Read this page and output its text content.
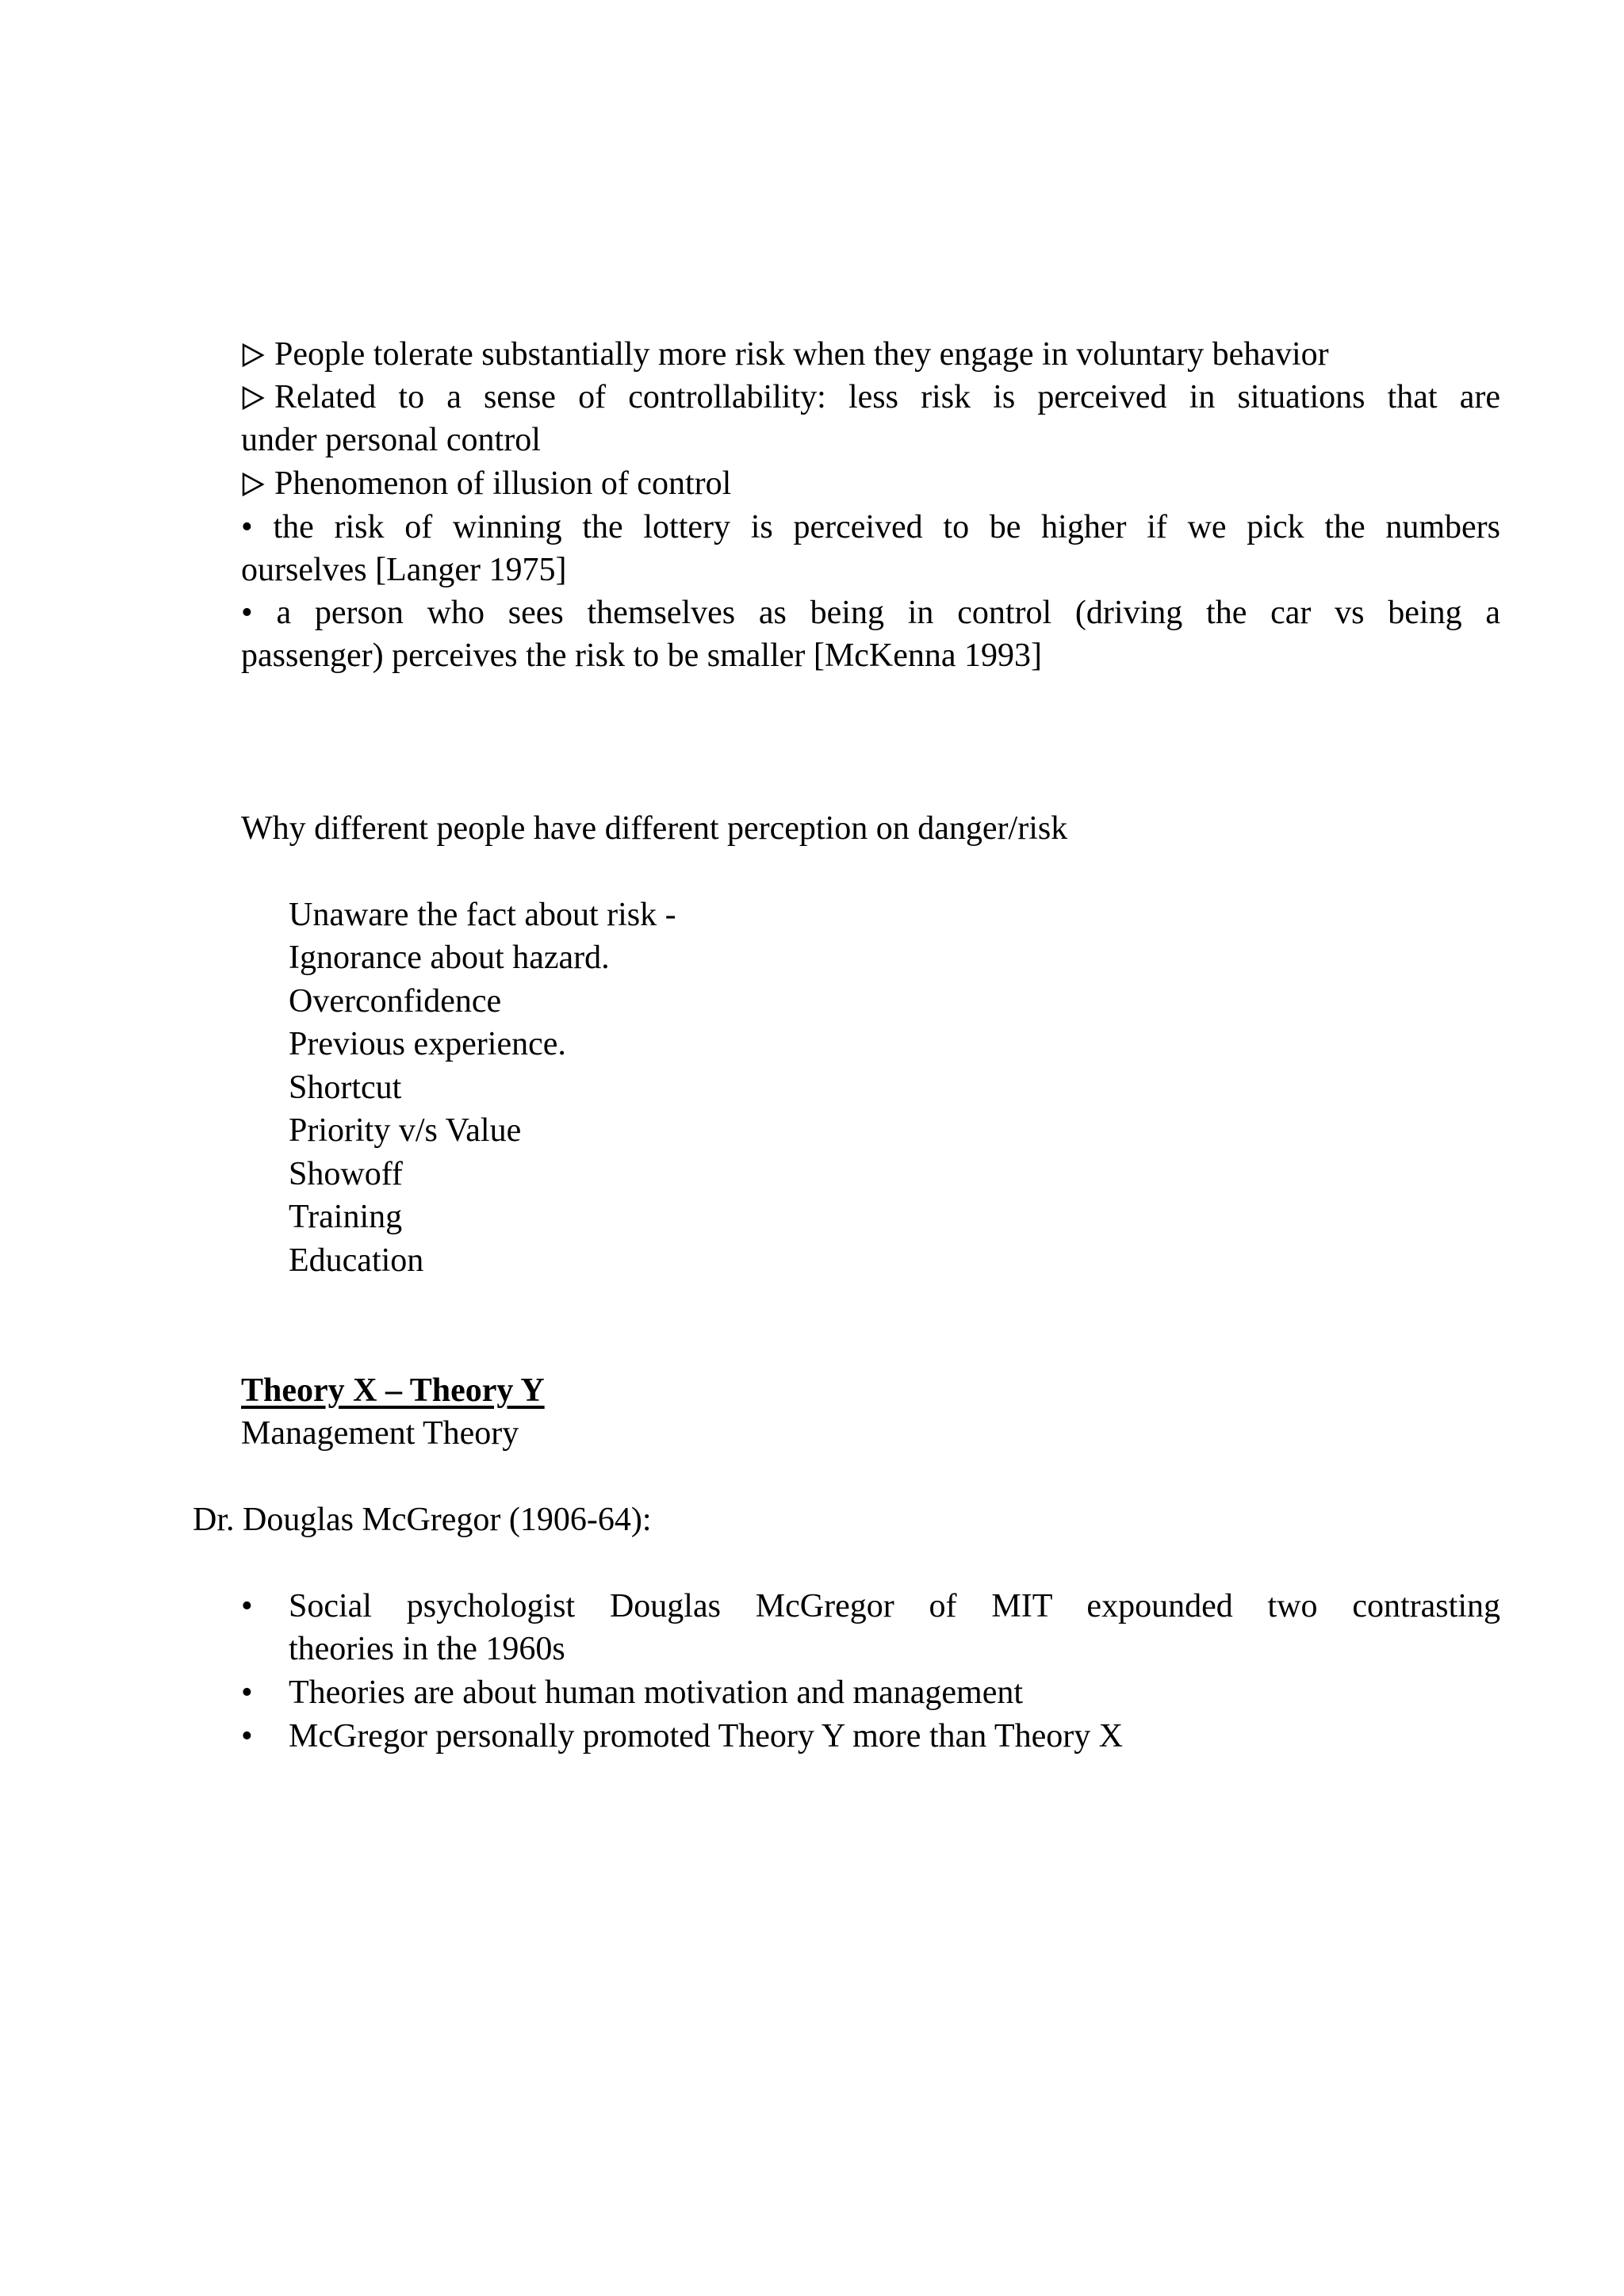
People tolerate substantially more risk when they engage in voluntary behavior
Related to a sense of controllability: less risk is perceived in situations that are
under personal control
Phenomenon of illusion of control
• the risk of winning the lottery is perceived to be higher if we pick the numbers
ourselves [Langer 1975]
• a person who sees themselves as being in control (driving the car vs being a
passenger) perceives the risk to be smaller [McKenna 1993]
Why different people have different perception on danger/risk
Unaware the fact about risk -
Ignorance about hazard.
Overconfidence
Previous experience.
Shortcut
Priority v/s Value
Showoff
Training
Education
Theory X – Theory Y
Management Theory
Dr. Douglas McGregor (1906-64):
• Social psychologist Douglas McGregor of MIT expounded two contrasting
theories in the 1960s
• Theories are about human motivation and management
• McGregor personally promoted Theory Y more than Theory X
